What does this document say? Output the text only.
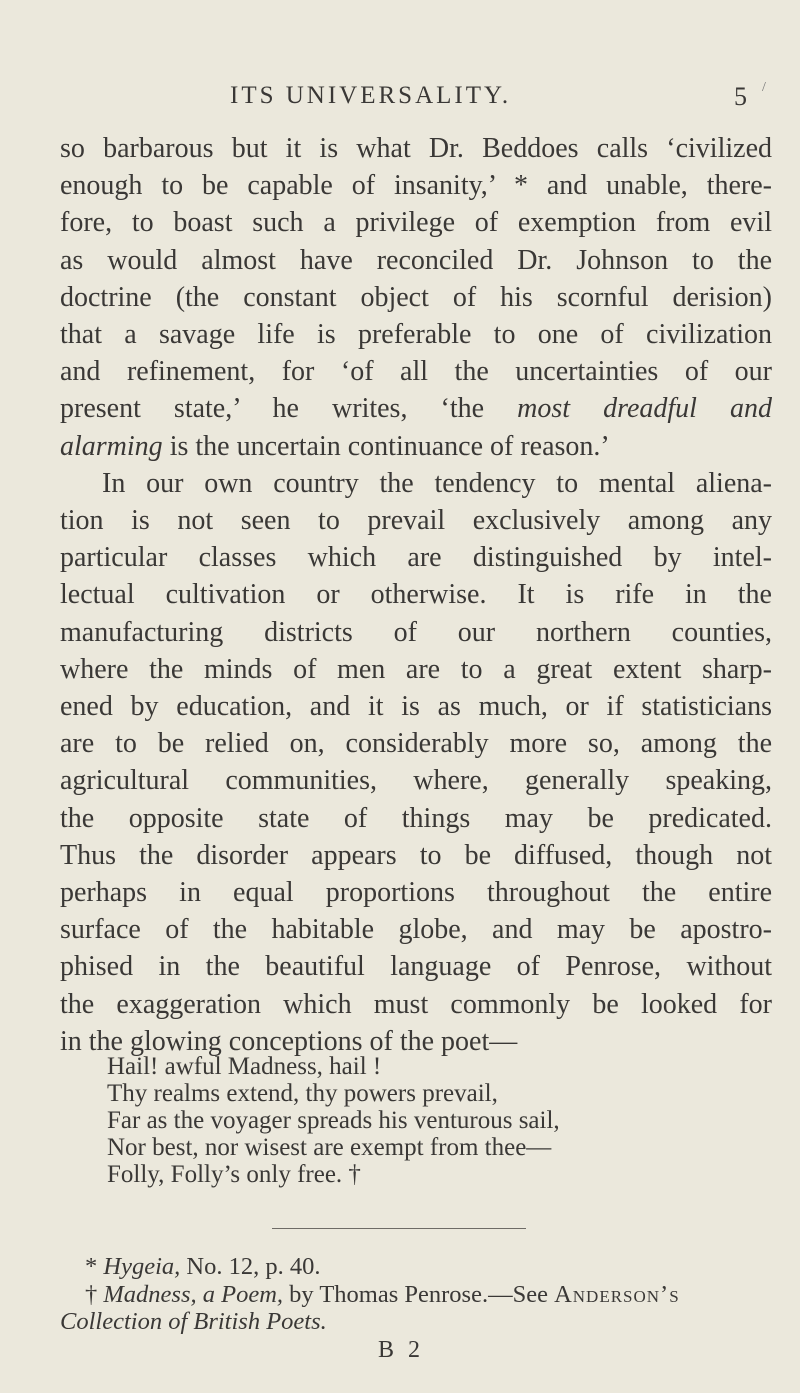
ITS UNIVERSALITY.	5 /
so barbarous but it is what Dr. Beddoes calls ‘civilized
enough to be capable of insanity,’ * and unable, there-
fore, to boast such a privilege of exemption from evil
as would almost have reconciled Dr. Johnson to the
doctrine (the constant object of his scornful derision)
that a savage life is preferable to one of civilization
and refinement, for ‘of all the uncertainties of our
present state,’ he writes, ‘the most dreadful and
alarming is the uncertain continuance of reason.’
In our own country the tendency to mental aliena-
tion is not seen to prevail exclusively among any
particular classes which are distinguished by intel-
lectual cultivation or otherwise. It is rife in the
manufacturing districts of our northern counties,
where the minds of men are to a great extent sharp-
ened by education, and it is as much, or if statisticians
are to be relied on, considerably more so, among the
agricultural communities, where, generally speaking,
the opposite state of things may be predicated.
Thus the disorder appears to be diffused, though not
perhaps in equal proportions throughout the entire
surface of the habitable globe, and may be apostro-
phised in the beautiful language of Penrose, without
the exaggeration which must commonly be looked for
in the glowing conceptions of the poet—
Hail! awful Madness, hail !
Thy realms extend, thy powers prevail,
Far as the voyager spreads his venturous sail,
Nor best, nor wisest are exempt from thee—
Folly, Folly’s only free. †
* Hygeia, No. 12, p. 40.
† Madness, a Poem, by Thomas Penrose.—See Anderson’s
Collection of British Poets.
B 2
